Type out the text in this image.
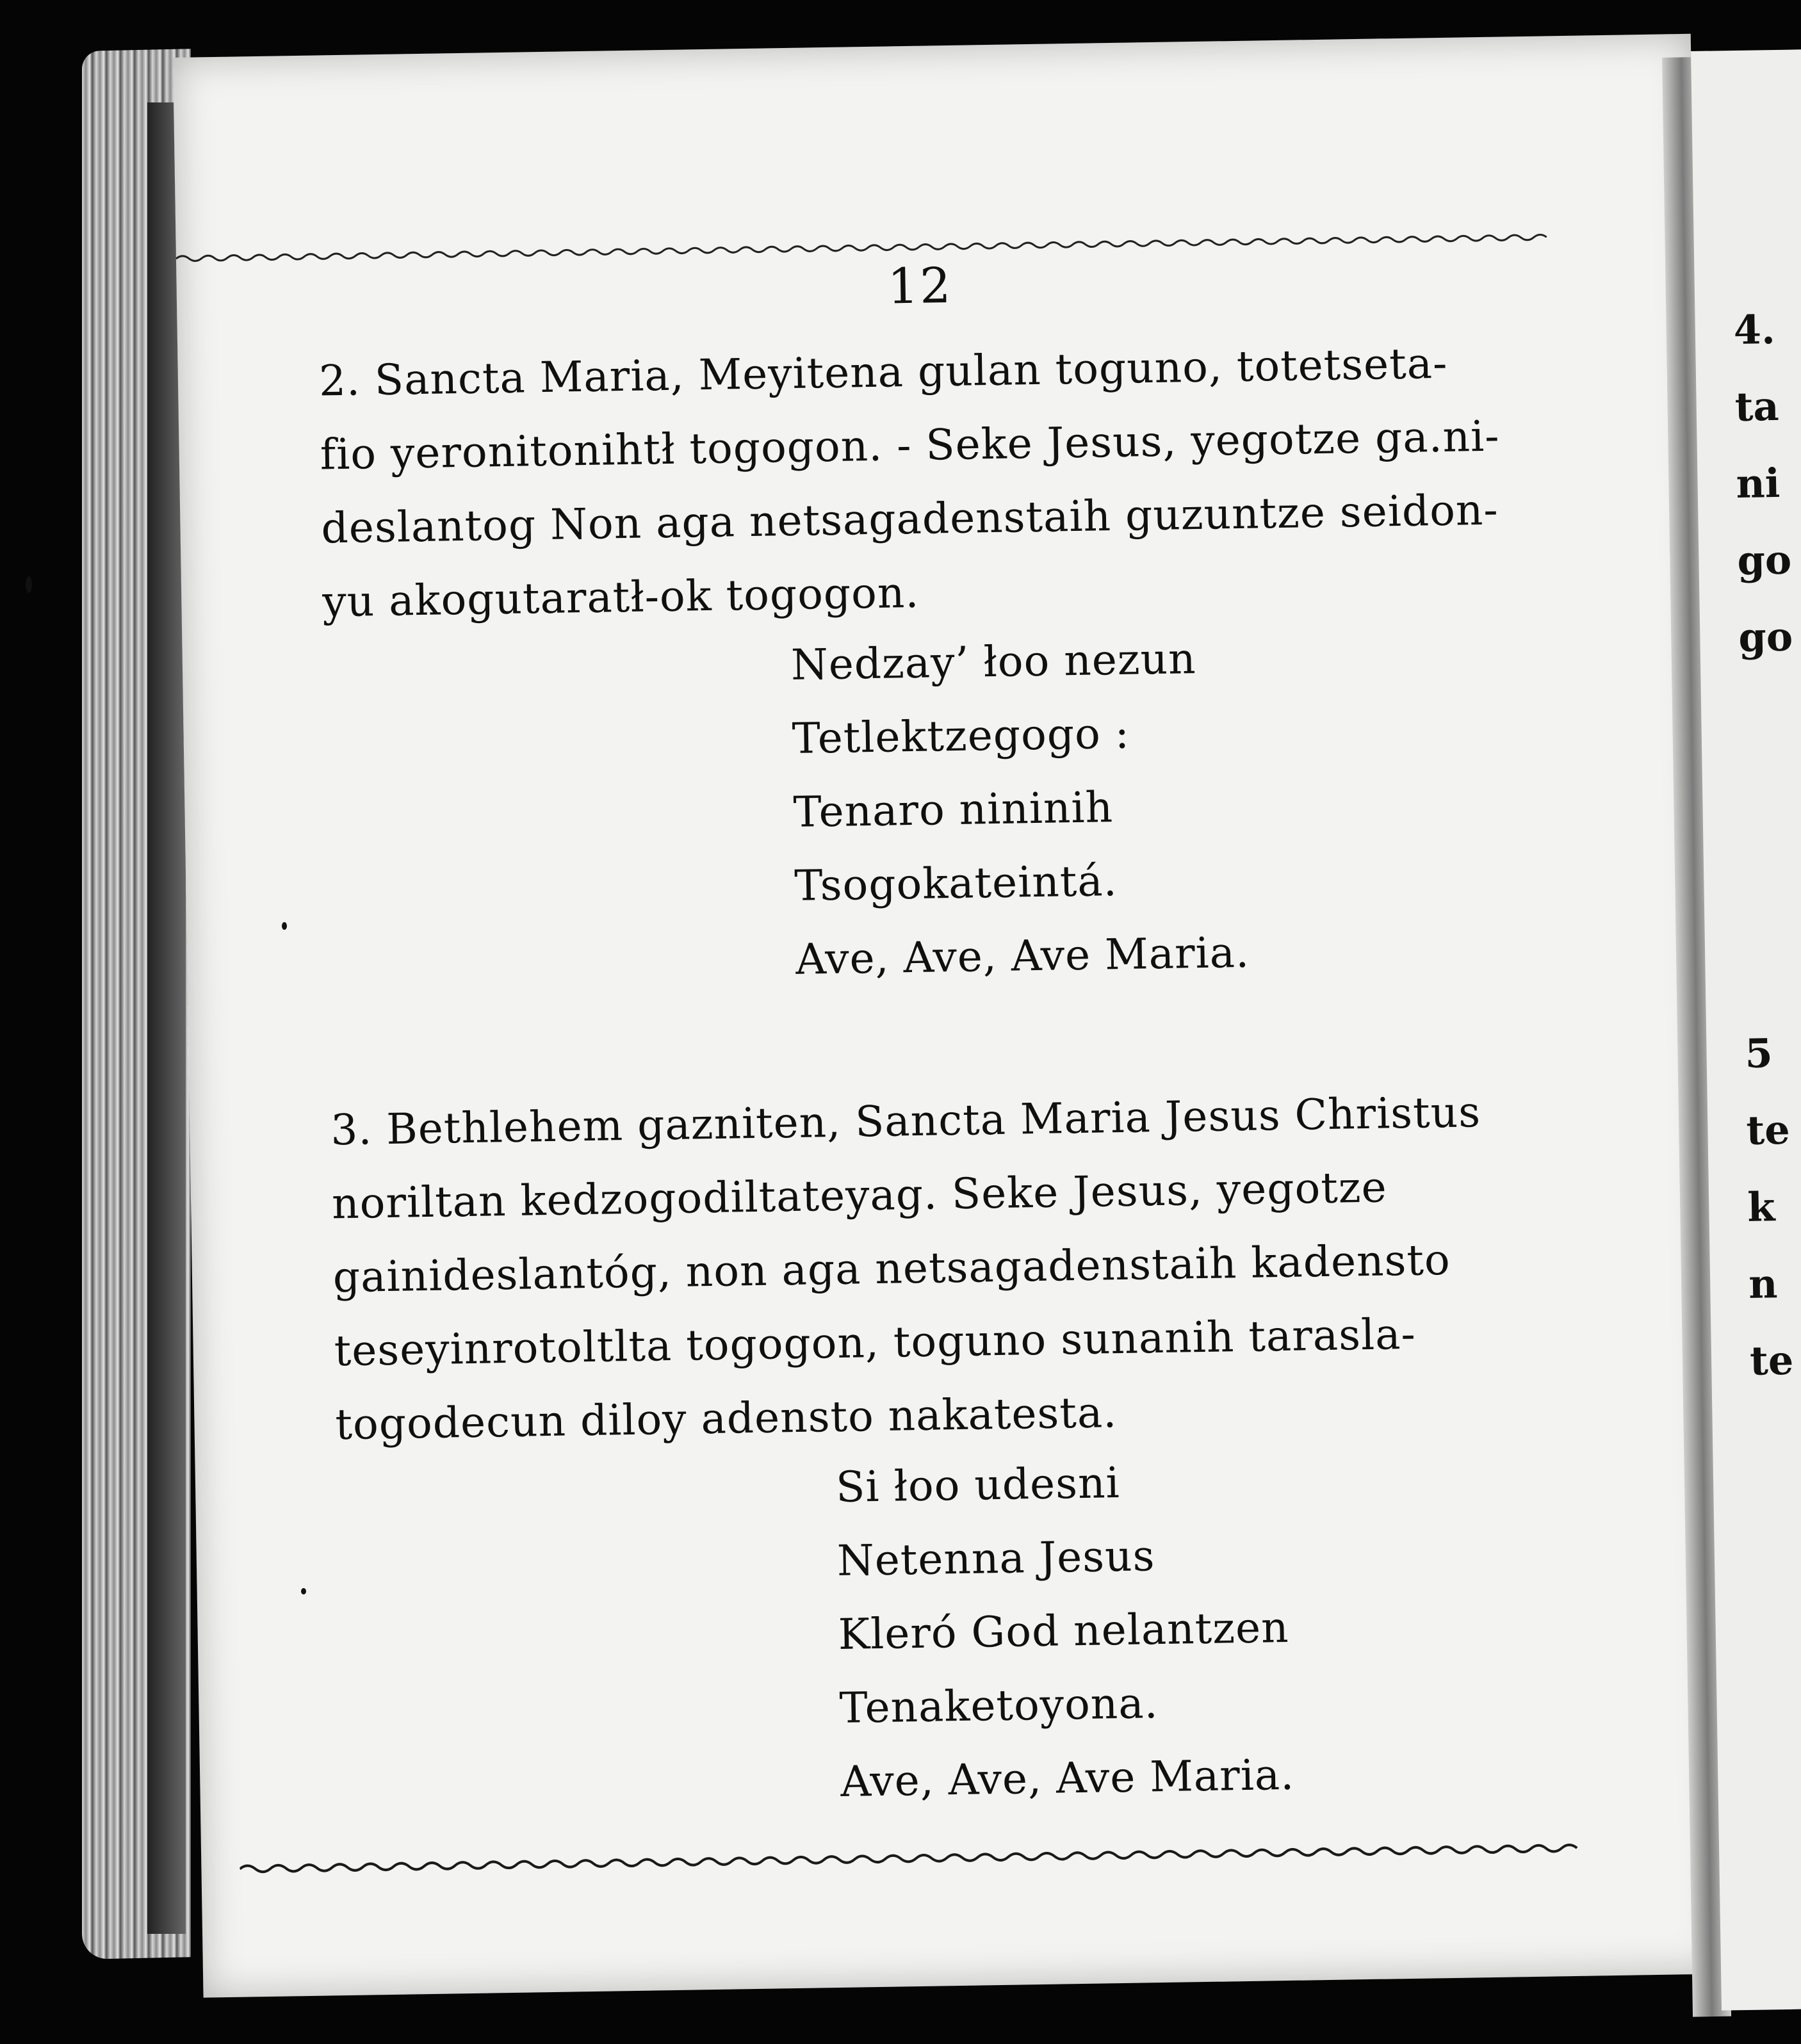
12
2. Sancta Maria, Meyitena gulan toguno, totetseta-
fio yeronitonihtł togogon. - Seke Jesus, yegotze ga.ni-
deslantog Non aga netsagadenstaih guzuntze seidon-
yu akogutaratł-ok togogon.
Nedzay’ łoo nezun
Tetlektzegogo :
Tenaro nininih
Tsogokateintá.
Ave, Ave, Ave Maria.
3. Bethlehem gazniten, Sancta Maria Jesus Christus
noriltan kedzogodiltateyag. Seke Jesus, yegotze
gainideslantóg, non aga netsagadenstaih kadensto
teseyinrotoltlta togogon, toguno sunanih tarasla-
togodecun diloy adensto nakatesta.
Si łoo udesni
Netenna Jesus
Kleró God nelantzen
Tenaketoyona.
Ave, Ave, Ave Maria.
4.
ta
ni
go
go
5
te
k
n
te
